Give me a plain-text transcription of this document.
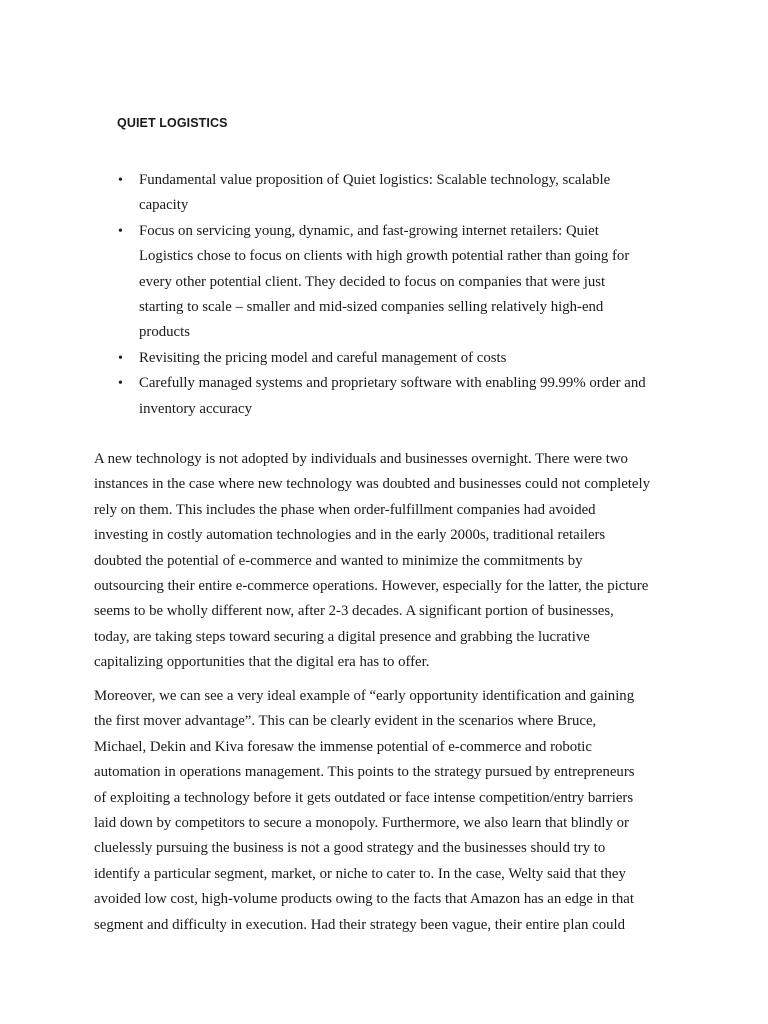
QUIET LOGISTICS
• Fundamental value proposition of Quiet logistics: Scalable technology, scalable
capacity
• Focus on servicing young, dynamic, and fast-growing internet retailers: Quiet
Logistics chose to focus on clients with high growth potential rather than going for
every other potential client. They decided to focus on companies that were just
starting to scale – smaller and mid-sized companies selling relatively high-end
products
• Revisiting the pricing model and careful management of costs
• Carefully managed systems and proprietary software with enabling 99.99% order and
inventory accuracy

A new technology is not adopted by individuals and businesses overnight. There were two
instances in the case where new technology was doubted and businesses could not completely
rely on them. This includes the phase when order-fulfillment companies had avoided
investing in costly automation technologies and in the early 2000s, traditional retailers
doubted the potential of e-commerce and wanted to minimize the commitments by
outsourcing their entire e-commerce operations. However, especially for the latter, the picture
seems to be wholly different now, after 2-3 decades. A significant portion of businesses,
today, are taking steps toward securing a digital presence and grabbing the lucrative
capitalizing opportunities that the digital era has to offer.

Moreover, we can see a very ideal example of “early opportunity identification and gaining
the first mover advantage”. This can be clearly evident in the scenarios where Bruce,
Michael, Dekin and Kiva foresaw the immense potential of e-commerce and robotic
automation in operations management. This points to the strategy pursued by entrepreneurs
of exploiting a technology before it gets outdated or face intense competition/entry barriers
laid down by competitors to secure a monopoly. Furthermore, we also learn that blindly or
cluelessly pursuing the business is not a good strategy and the businesses should try to
identify a particular segment, market, or niche to cater to. In the case, Welty said that they
avoided low cost, high-volume products owing to the facts that Amazon has an edge in that
segment and difficulty in execution. Had their strategy been vague, their entire plan could
